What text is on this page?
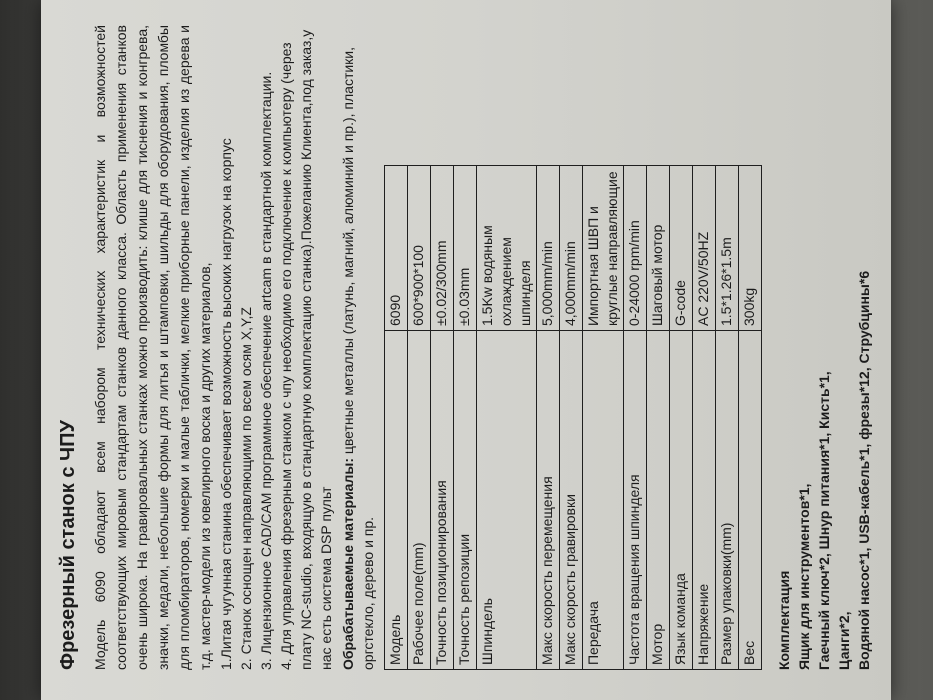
Фрезерный станок с ЧПУ Модель 6090 обладают всем набором технических характеристик и возможностей соответствующих мировым стандартам станков данного класса. Область применения станков очень широка. На гравировальных станках можно производить: клише для тиснения и конгрева, значки, медали, небольшие формы для литья и штамповки, шильды для оборудования, пломбы для пломбираторов, номерки и малые таблички, мелкие приборные панели, изделия из дерева и т.д. мастер-модели из ювелирного воска и других материалов, 1.Литая чугунная станина обеспечивает возможность высоких нагрузок на корпус 2. Станок оснощен направляющими по всем осям X,Y,Z 3. Лицензионное CAD/CAM программное обеспечение artcam в стандартной комплектации. 4. Для управления фрезерным станком с чпу необходимо его подключение к компьютеру (через плату NC-studio, входящую в стандартную комплектацию станка).Пожеланию Клиента,под заказ,у нас есть система DSP пульт Обрабатываемые материалы: цветные металлы (латунь, магний, алюминий и пр.), пластики, оргстекло, дерево и пр. Модель	6090
Рабочее поле(mm)	600*900*100
Точность позиционирования	±0.02/300mm
Точность репозиции	±0.03mm
Шпиндель	1.5Kw водяным охлаждением шпинделя
Макс скорость перемещения	5,000mm/min
Макс скорость гравировки	4,000mm/min
Передача	Импортная ШВП и круглые направляющие
Частота вращения шпинделя	0-24000 rpm/min
Мотор	Шаговый мотор
Язык команда	G-code
Напряжение	AC 220V/50HZ
Размер упаковки(mm)	1.5*1.26*1.5m
Вес	300kg
Комплектация Ящик для инструментов*1, Гаечный ключ*2, Шнур питания*1, Кисть*1, Цанги*2, Водяной насос*1, USB-кабель*1, фрезы*12, Струбцины*6
